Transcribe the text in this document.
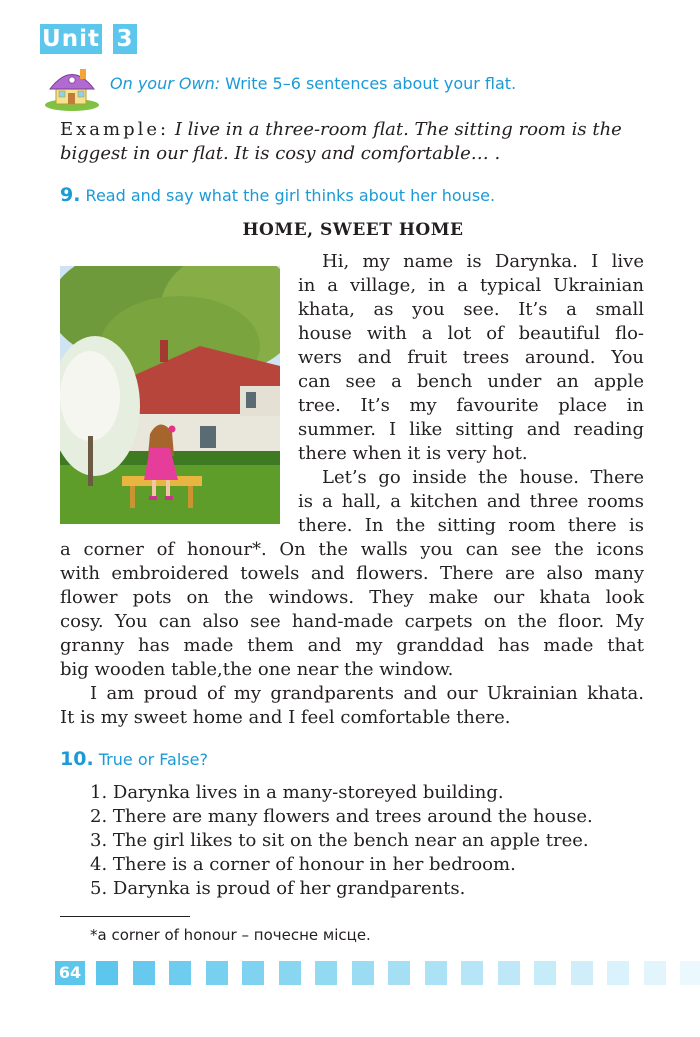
Unit 3
On your Own: Write 5–6 sentences about your flat.
Example: I live in a three-room flat. The sitting room is the biggest in our flat. It is cosy and comfortable… .
9. Read and say what the girl thinks about her house.
HOME, SWEET HOME
Hi, my name is Darynka. I live
in a village, in a typical Ukrainian
khata, as you see. It’s a small
house with a lot of beautiful flo-
wers and fruit trees around. You
can see a bench under an apple
tree. It’s my favourite place in
summer. I like sitting and reading
there when it is very hot.
Let’s go inside the house. There
is a hall, a kitchen and three rooms
there. In the sitting room there is
a corner of honour*. On the walls you can see the icons
with embroidered towels and flowers. There are also many
flower pots on the windows. They make our khata look
cosy. You can also see hand-made carpets on the floor. My
granny has made them and my granddad has made that
big wooden table,the one near the window.
I am proud of my grandparents and our Ukrainian khata.
It is my sweet home and I feel comfortable there.
10. True or False?
1. Darynka lives in a many-storeyed building.
2. There are many flowers and trees around the house.
3. The girl likes to sit on the bench near an apple tree.
4. There is a corner of honour in her bedroom.
5. Darynka is proud of her grandparents.
*a corner of honour – почесне місце.
64
